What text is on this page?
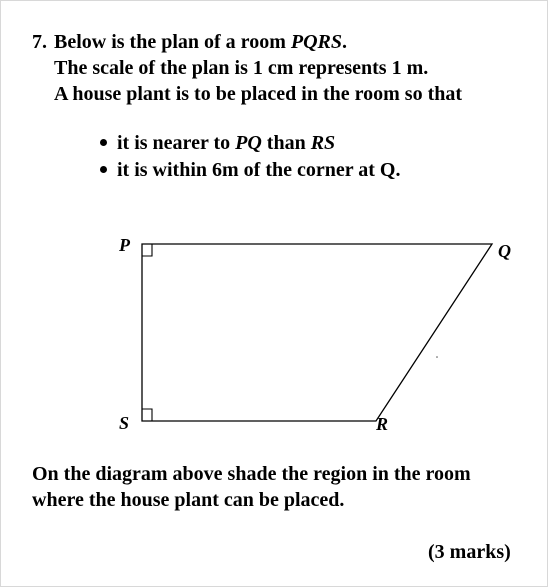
7. Below is the plan of a room PQRS.
The scale of the plan is 1 cm represents 1 m.
A house plant is to be placed in the room so that
it is nearer to PQ than RS
it is within 6m of the corner at Q.
P	Q
S	R
On the diagram above shade the region in the room
where the house plant can be placed.
(3 marks)
